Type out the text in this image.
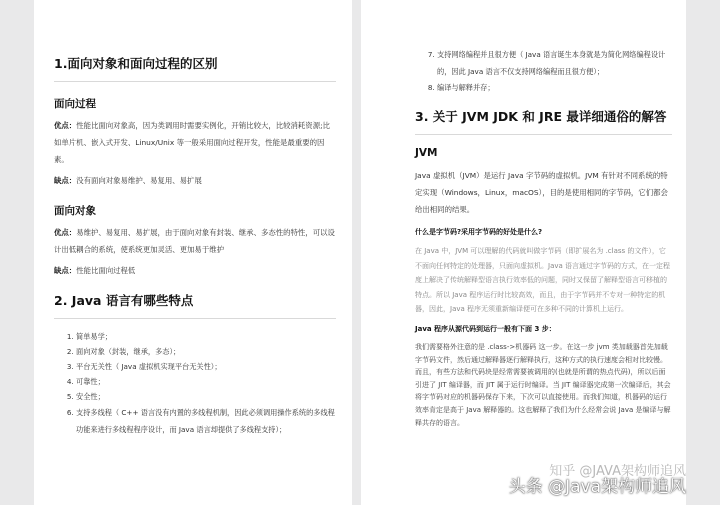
1.面向对象和面向过程的区别

面向过程

优点：性能比面向对象高，因为类调用时需要实例化，开销比较大，比较消耗资源;比如单片机、嵌入式开发、Linux/Unix 等一般采用面向过程开发，性能是最重要的因素。

缺点：没有面向对象易维护、易复用、易扩展

面向对象

优点：易维护、易复用、易扩展，由于面向对象有封装、继承、多态性的特性，可以设计出低耦合的系统，使系统更加灵活、更加易于维护

缺点：性能比面向过程低

2. Java 语言有哪些特点

1. 简单易学；
2. 面向对象（封装，继承，多态）；
3. 平台无关性（ Java 虚拟机实现平台无关性）；
4. 可靠性；
5. 安全性；
6. 支持多线程（ C++ 语言没有内置的多线程机制，因此必须调用操作系统的多线程功能来进行多线程程序设计，而 Java 语言却提供了多线程支持）；
7. 支持网络编程并且很方便（ Java 语言诞生本身就是为简化网络编程设计的，因此 Java 语言不仅支持网络编程而且很方便）；
8. 编译与解释并存；

3. 关于 JVM JDK 和 JRE 最详细通俗的解答

JVM

Java 虚拟机（JVM）是运行 Java 字节码的虚拟机。JVM 有针对不同系统的特定实现（Windows，Linux，macOS），目的是使用相同的字节码，它们都会给出相同的结果。

什么是字节码?采用字节码的好处是什么?

在 Java 中，JVM 可以理解的代码就叫做字节码（即扩展名为 .class 的文件），它不面向任何特定的处理器，只面向虚拟机。Java 语言通过字节码的方式，在一定程度上解决了传统解释型语言执行效率低的问题，同时又保留了解释型语言可移植的特点。所以 Java 程序运行时比较高效，而且，由于字节码并不专对一种特定的机器，因此，Java 程序无须重新编译便可在多种不同的计算机上运行。

Java 程序从源代码到运行一般有下面 3 步：

我们需要格外注意的是 .class->机器码 这一步。在这一步 jvm 类加载器首先加载字节码文件，然后通过解释器逐行解释执行，这种方式的执行速度会相对比较慢。而且，有些方法和代码块是经常需要被调用的(也就是所谓的热点代码)，所以后面引进了 JIT 编译器，而 JIT 属于运行时编译。当 JIT 编译器完成第一次编译后，其会将字节码对应的机器码保存下来，下次可以直接使用。而我们知道，机器码的运行效率肯定是高于 Java 解释器的。这也解释了我们为什么经常会说 Java 是编译与解释共存的语言。

知乎 @JAVA架构师追风
头条 @Java架构师追风
